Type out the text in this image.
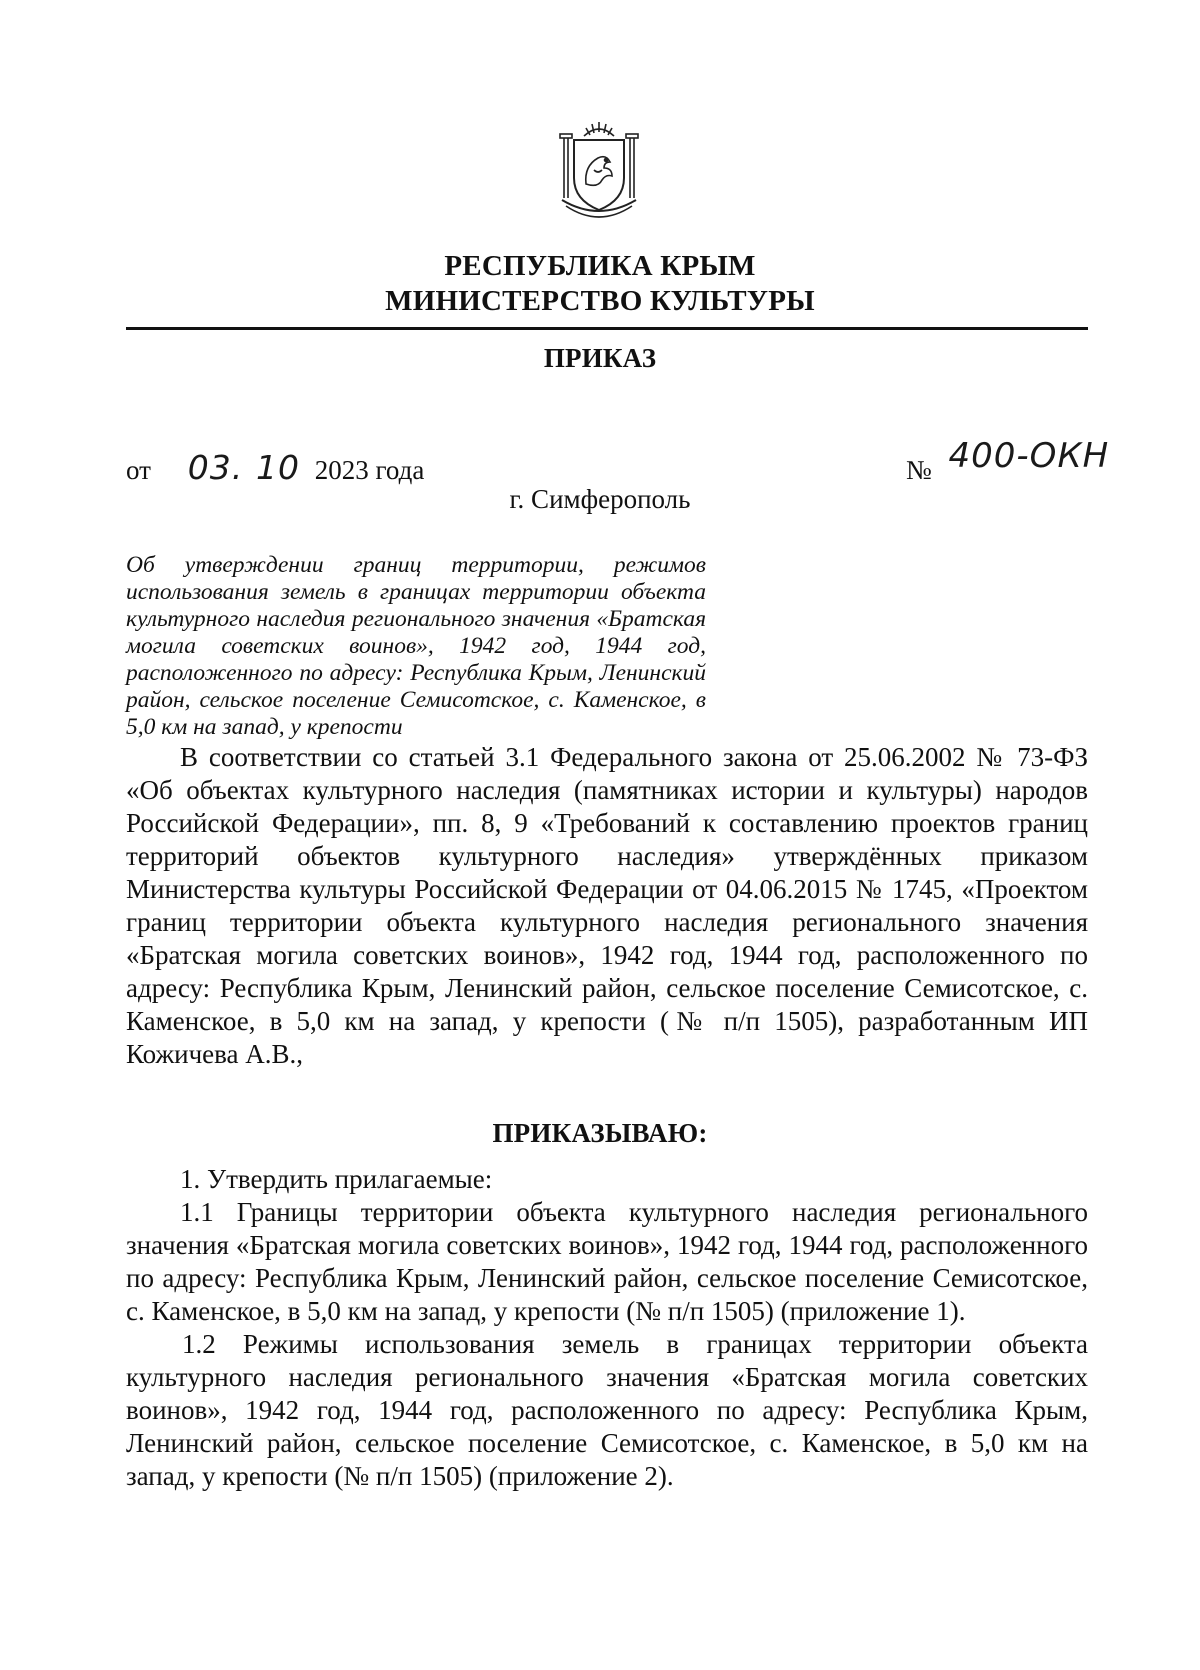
РЕСПУБЛИКА КРЫМ
МИНИСТЕРСТВО КУЛЬТУРЫ
ПРИКАЗ
от 03. 10 2023 года	№ 400-ОКН
г. Симферополь
Об утверждении границ территории, режимов использования земель в границах территории объекта культурного наследия регионального значения «Братская могила советских воинов», 1942 год, 1944 год, расположенного по адресу: Республика Крым, Ленинский район, сельское поселение Семисотское, с. Каменское, в 5,0 км на запад, у крепости

В соответствии со статьей 3.1 Федерального закона от 25.06.2002 № 73-ФЗ «Об объектах культурного наследия (памятниках истории и культуры) народов Российской Федерации», пп. 8, 9 «Требований к составлению проектов границ территорий объектов культурного наследия» утверждённых приказом Министерства культуры Российской Федерации от 04.06.2015 № 1745, «Проектом границ территории объекта культурного наследия регионального значения «Братская могила советских воинов», 1942 год, 1944 год, расположенного по адресу: Республика Крым, Ленинский район, сельское поселение Семисотское, с. Каменское, в 5,0 км на запад, у крепости (№ п/п 1505), разработанным ИП Кожичева А.В.,

ПРИКАЗЫВАЮ:

1. Утвердить прилагаемые:

1.1 Границы территории объекта культурного наследия регионального значения «Братская могила советских воинов», 1942 год, 1944 год, расположенного по адресу: Республика Крым, Ленинский район, сельское поселение Семисотское, с. Каменское, в 5,0 км на запад, у крепости (№ п/п 1505) (приложение 1).

1.2 Режимы использования земель в границах территории объекта культурного наследия регионального значения «Братская могила советских воинов», 1942 год, 1944 год, расположенного по адресу: Республика Крым, Ленинский район, сельское поселение Семисотское, с. Каменское, в 5,0 км на запад, у крепости (№ п/п 1505) (приложение 2).
